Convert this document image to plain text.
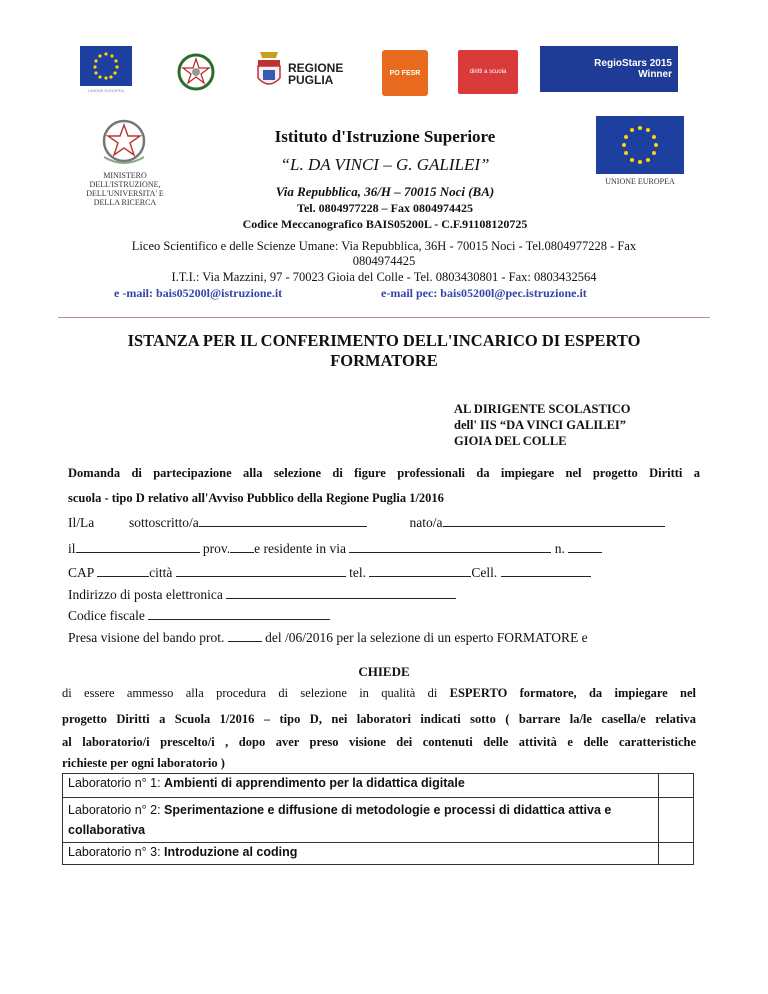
UNIONE EUROPEA
REGIONE
PUGLIA	PO FESR	diritti a scuola
RegioStars 2015
Winner
MINISTERO
DELL'ISTRUZIONE,
DELL'UNIVERSITA' E
DELLA RICERCA
UNIONE EUROPEA
Istituto d'Istruzione Superiore
“L. DA VINCI – G. GALILEI”
Via Repubblica, 36/H – 70015 Noci (BA)
Tel. 0804977228 – Fax 0804974425
Codice Meccanografico BAIS05200L - C.F.91108120725
Liceo Scientifico e delle Scienze Umane: Via Repubblica, 36H - 70015 Noci - Tel.0804977228 - Fax
0804974425
I.T.I.: Via Mazzini, 97 - 70023 Gioia del Colle - Tel. 0803430801 - Fax: 0803432564
e -mail: bais05200l@istruzione.it	e-mail pec: bais05200l@pec.istruzione.it
ISTANZA PER IL CONFERIMENTO DELL'INCARICO DI ESPERTO
FORMATORE
AL DIRIGENTE SCOLASTICO
dell' IIS “DA VINCI GALILEI”
GIOIA DEL COLLE
Domanda di partecipazione alla selezione di figure professionali da impiegare nel progetto Diritti a
scuola - tipo D relativo all'Avviso Pubblico della Regione Puglia 1/2016
Il/La	sottoscritto/a	nato/a
il	prov. e residente in via	n.
CAP	città	tel.	Cell.
Indirizzo di posta elettronica
Codice fiscale
Presa visione del bando prot.	del /06/2016 per la selezione di un esperto FORMATORE e
CHIEDE
di essere ammesso alla procedura di selezione in qualità di ESPERTO formatore, da impiegare nel
progetto Diritti a Scuola 1/2016 – tipo D, nei laboratori indicati sotto ( barrare la/le casella/e relativa
al laboratorio/i prescelto/i , dopo aver preso visione dei contenuti delle attività e delle caratteristiche
richieste per ogni laboratorio )
Laboratorio n° 1: Ambienti di apprendimento per la didattica digitale	
Laboratorio n° 2: Sperimentazione e diffusione di metodologie e processi di didattica attiva e collaborativa	
Laboratorio n° 3: Introduzione al coding	
